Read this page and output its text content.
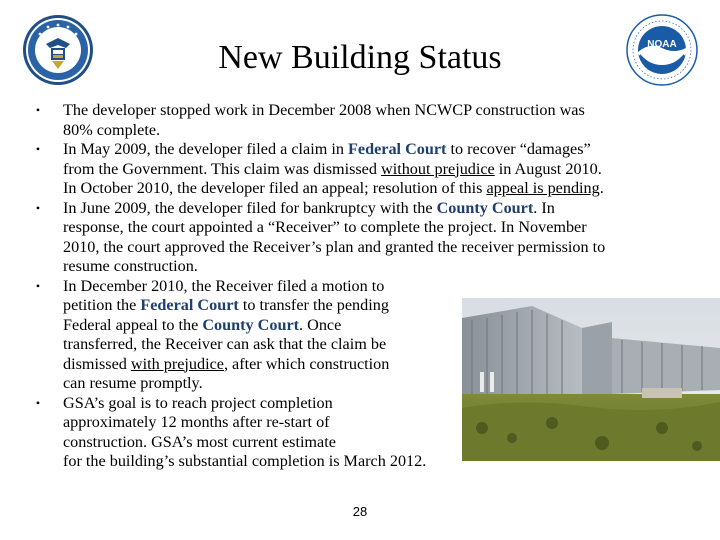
New Building Status	NOAA
•	The developer stopped work in December 2008 when NCWCP construction was 80% complete.
•	In May 2009, the developer filed a claim in Federal Court to recover “damages” from the Government. This claim was dismissed without prejudice in August 2010. In October 2010, the developer filed an appeal; resolution of this appeal is pending.
•	In June 2009, the developer filed for bankruptcy with the County Court. In response, the court appointed a “Receiver” to complete the project. In November 2010, the court approved the Receiver’s plan and granted the receiver permission to resume construction.
•	In December 2010, the Receiver filed a motion to
petition the Federal Court to transfer the pending
Federal appeal to the County Court. Once
transferred, the Receiver can ask that the claim be
dismissed with prejudice, after which construction
can resume promptly.
•	GSA’s goal is to reach project completion
approximately 12 months after re-start of
construction. GSA’s most current estimate
for the building’s substantial completion is March 2012.
28
